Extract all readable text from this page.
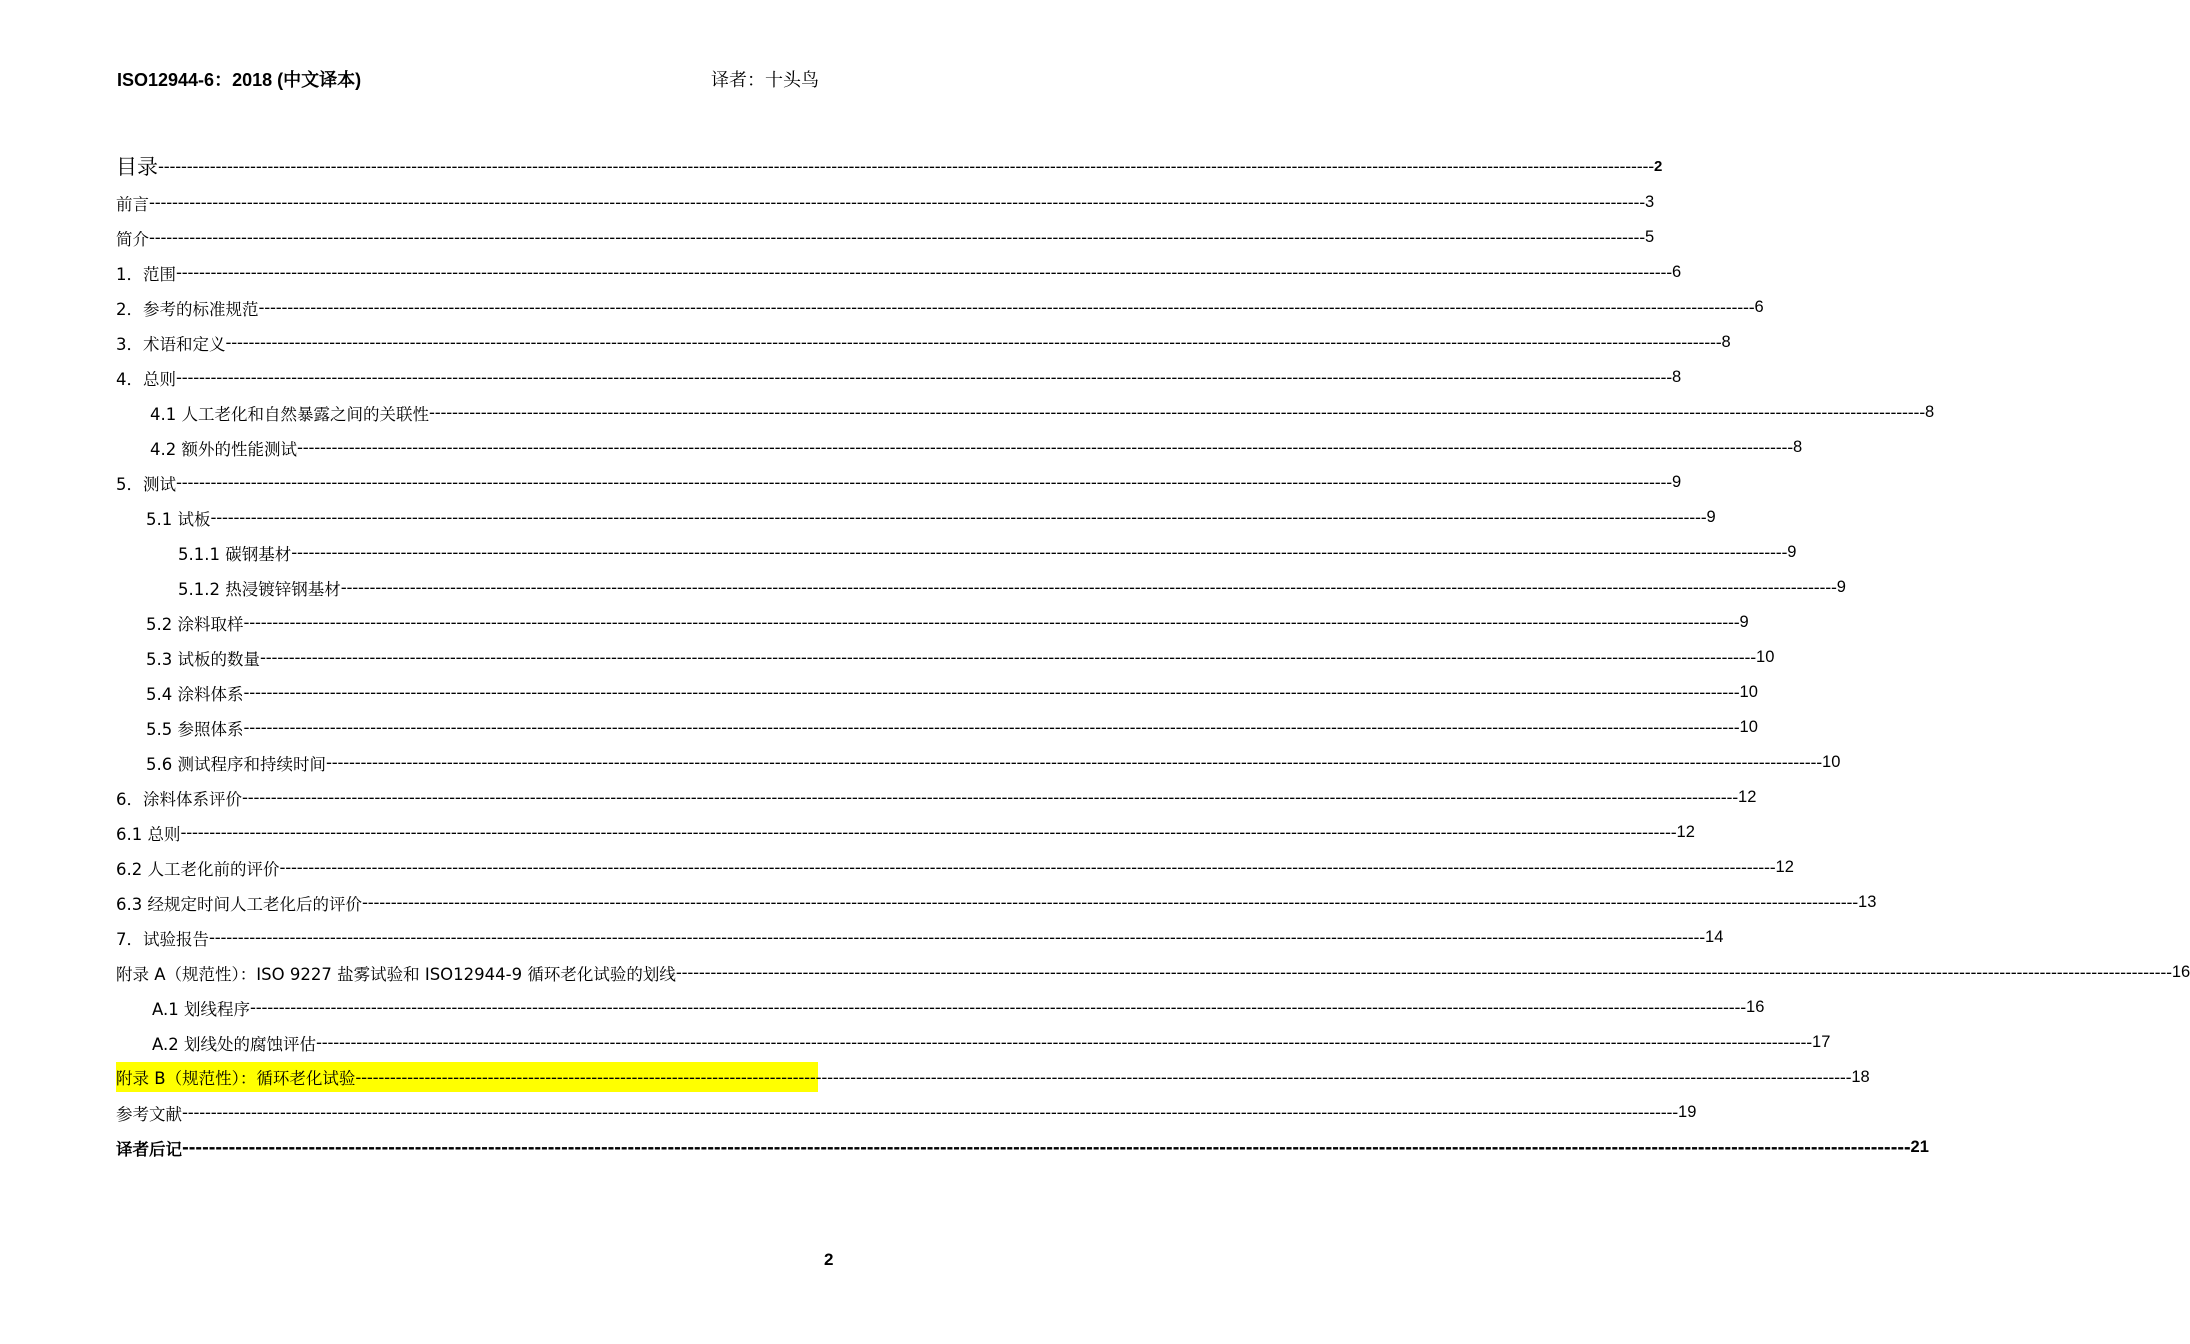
ISO12944-6：2018 (中文译本)	译者：十头鸟
目录 -------------------------------------------------------------------------------------------------------------------------------------------------------------------------------------------------------------------------------------------------------------------- 2
前言 -------------------------------------------------------------------------------------------------------------------------------------------------------------------------------------------------------------------------------------------------------------------- 3
简介 -------------------------------------------------------------------------------------------------------------------------------------------------------------------------------------------------------------------------------------------------------------------- 5
1．范围 -------------------------------------------------------------------------------------------------------------------------------------------------------------------------------------------------------------------------------------------------------------------- 6
2．参考的标准规范 -------------------------------------------------------------------------------------------------------------------------------------------------------------------------------------------------------------------------------------------------------------------- 6
3．术语和定义 -------------------------------------------------------------------------------------------------------------------------------------------------------------------------------------------------------------------------------------------------------------------- 8
4．总则 -------------------------------------------------------------------------------------------------------------------------------------------------------------------------------------------------------------------------------------------------------------------- 8
4.1 人工老化和自然暴露之间的关联性 -------------------------------------------------------------------------------------------------------------------------------------------------------------------------------------------------------------------------------------------------------------------- 8
4.2 额外的性能测试 -------------------------------------------------------------------------------------------------------------------------------------------------------------------------------------------------------------------------------------------------------------------- 8
5．测试 -------------------------------------------------------------------------------------------------------------------------------------------------------------------------------------------------------------------------------------------------------------------- 9
5.1 试板 -------------------------------------------------------------------------------------------------------------------------------------------------------------------------------------------------------------------------------------------------------------------- 9
5.1.1 碳钢基材 -------------------------------------------------------------------------------------------------------------------------------------------------------------------------------------------------------------------------------------------------------------------- 9
5.1.2 热浸镀锌钢基材 -------------------------------------------------------------------------------------------------------------------------------------------------------------------------------------------------------------------------------------------------------------------- 9
5.2 涂料取样 -------------------------------------------------------------------------------------------------------------------------------------------------------------------------------------------------------------------------------------------------------------------- 9
5.3 试板的数量 -------------------------------------------------------------------------------------------------------------------------------------------------------------------------------------------------------------------------------------------------------------------- 10
5.4 涂料体系 -------------------------------------------------------------------------------------------------------------------------------------------------------------------------------------------------------------------------------------------------------------------- 10
5.5 参照体系 -------------------------------------------------------------------------------------------------------------------------------------------------------------------------------------------------------------------------------------------------------------------- 10
5.6 测试程序和持续时间 -------------------------------------------------------------------------------------------------------------------------------------------------------------------------------------------------------------------------------------------------------------------- 10
6．涂料体系评价 -------------------------------------------------------------------------------------------------------------------------------------------------------------------------------------------------------------------------------------------------------------------- 12
6.1 总则 -------------------------------------------------------------------------------------------------------------------------------------------------------------------------------------------------------------------------------------------------------------------- 12
6.2 人工老化前的评价 -------------------------------------------------------------------------------------------------------------------------------------------------------------------------------------------------------------------------------------------------------------------- 12
6.3 经规定时间人工老化后的评价 -------------------------------------------------------------------------------------------------------------------------------------------------------------------------------------------------------------------------------------------------------------------- 13
7．试验报告 -------------------------------------------------------------------------------------------------------------------------------------------------------------------------------------------------------------------------------------------------------------------- 14
附录 A（规范性）：ISO 9227 盐雾试验和 ISO12944-9 循环老化试验的划线 -------------------------------------------------------------------------------------------------------------------------------------------------------------------------------------------------------------------------------------------------------------------- 16
A.1 划线程序 -------------------------------------------------------------------------------------------------------------------------------------------------------------------------------------------------------------------------------------------------------------------- 16
A.2 划线处的腐蚀评估 -------------------------------------------------------------------------------------------------------------------------------------------------------------------------------------------------------------------------------------------------------------------- 17
附录 B（规范性）：循环老化试验 -------------------------------------------------------------------------------------------------------------------------------------------------------------------------------------------------------------------------------------------------------------------- 18
参考文献 -------------------------------------------------------------------------------------------------------------------------------------------------------------------------------------------------------------------------------------------------------------------- 19
译者后记 -------------------------------------------------------------------------------------------------------------------------------------------------------------------------------------------------------------------------------------------------------------------- 21
2
